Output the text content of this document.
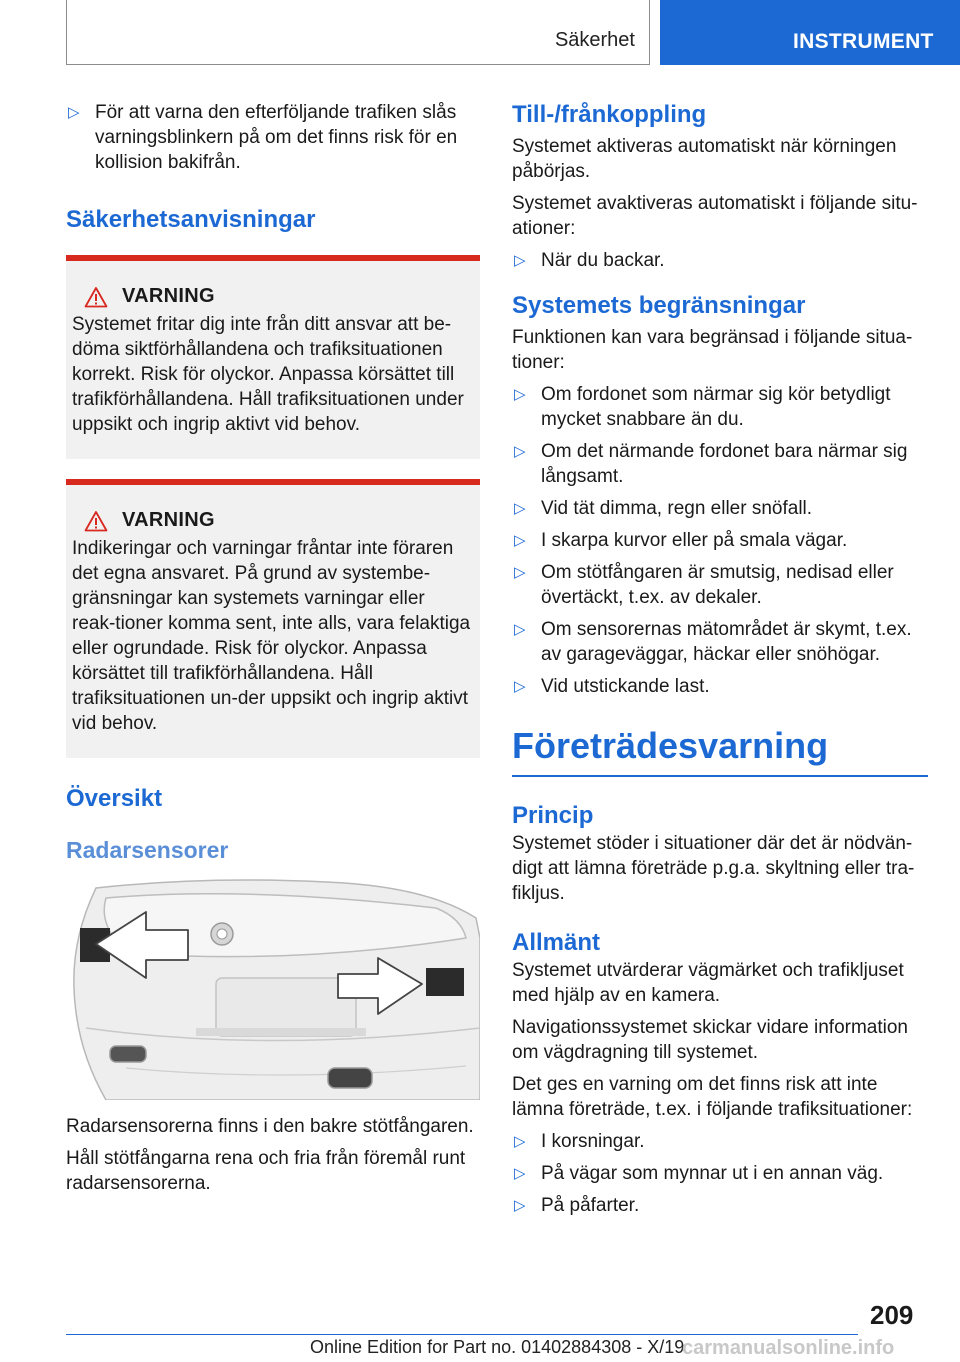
Säkerhet	INSTRUMENT
▷ För att varna den efterföljande trafiken slås varningsblinkern på om det finns risk för en kollision bakifrån.
Säkerhetsanvisningar
VARNING

Systemet fritar dig inte från ditt ansvar att be-döma siktförhållandena och trafiksituationen korrekt. Risk för olyckor. Anpassa körsättet till trafikförhållandena. Håll trafiksituationen under uppsikt och ingrip aktivt vid behov.

VARNING

Indikeringar och varningar fråntar inte föraren det egna ansvaret. På grund av systembe-gränsningar kan systemets varningar eller reak-tioner komma sent, inte alls, vara felaktiga eller ogrundade. Risk för olyckor. Anpassa körsättet till trafikförhållandena. Håll trafiksituationen un-der uppsikt och ingrip aktivt vid behov.

Översikt
Radarsensorer

Radarsensorerna finns i den bakre stötfångaren.

Håll stötfångarna rena och fria från föremål runt radarsensorerna.

Till-/frånkoppling

Systemet aktiveras automatiskt när körningen påbörjas.

Systemet avaktiveras automatiskt i följande situ-ationer:

▷ När du backar.
Systemets begränsningar

Funktionen kan vara begränsad i följande situa-tioner:

▷ Om fordonet som närmar sig kör betydligt mycket snabbare än du.
▷ Om det närmande fordonet bara närmar sig långsamt.
▷ Vid tät dimma, regn eller snöfall.
▷ I skarpa kurvor eller på smala vägar.
▷ Om stötfångaren är smutsig, nedisad eller övertäckt, t.ex. av dekaler.
▷ Om sensorernas mätområdet är skymt, t.ex. av garageväggar, häckar eller snöhögar.
▷ Vid utstickande last.
Företrädesvarning
Princip

Systemet stöder i situationer där det är nödvän-digt att lämna företräde p.g.a. skyltning eller tra-fikljus.

Allmänt

Systemet utvärderar vägmärket och trafikljuset med hjälp av en kamera.

Navigationssystemet skickar vidare information om vägdragning till systemet.

Det ges en varning om det finns risk att inte lämna företräde, t.ex. i följande trafiksituationer:

▷ I korsningar.
▷ På vägar som mynnar ut i en annan väg.
▷ På påfarter.
209
Online Edition for Part no. 01402884308 - X/19
carmanualsonline.info
